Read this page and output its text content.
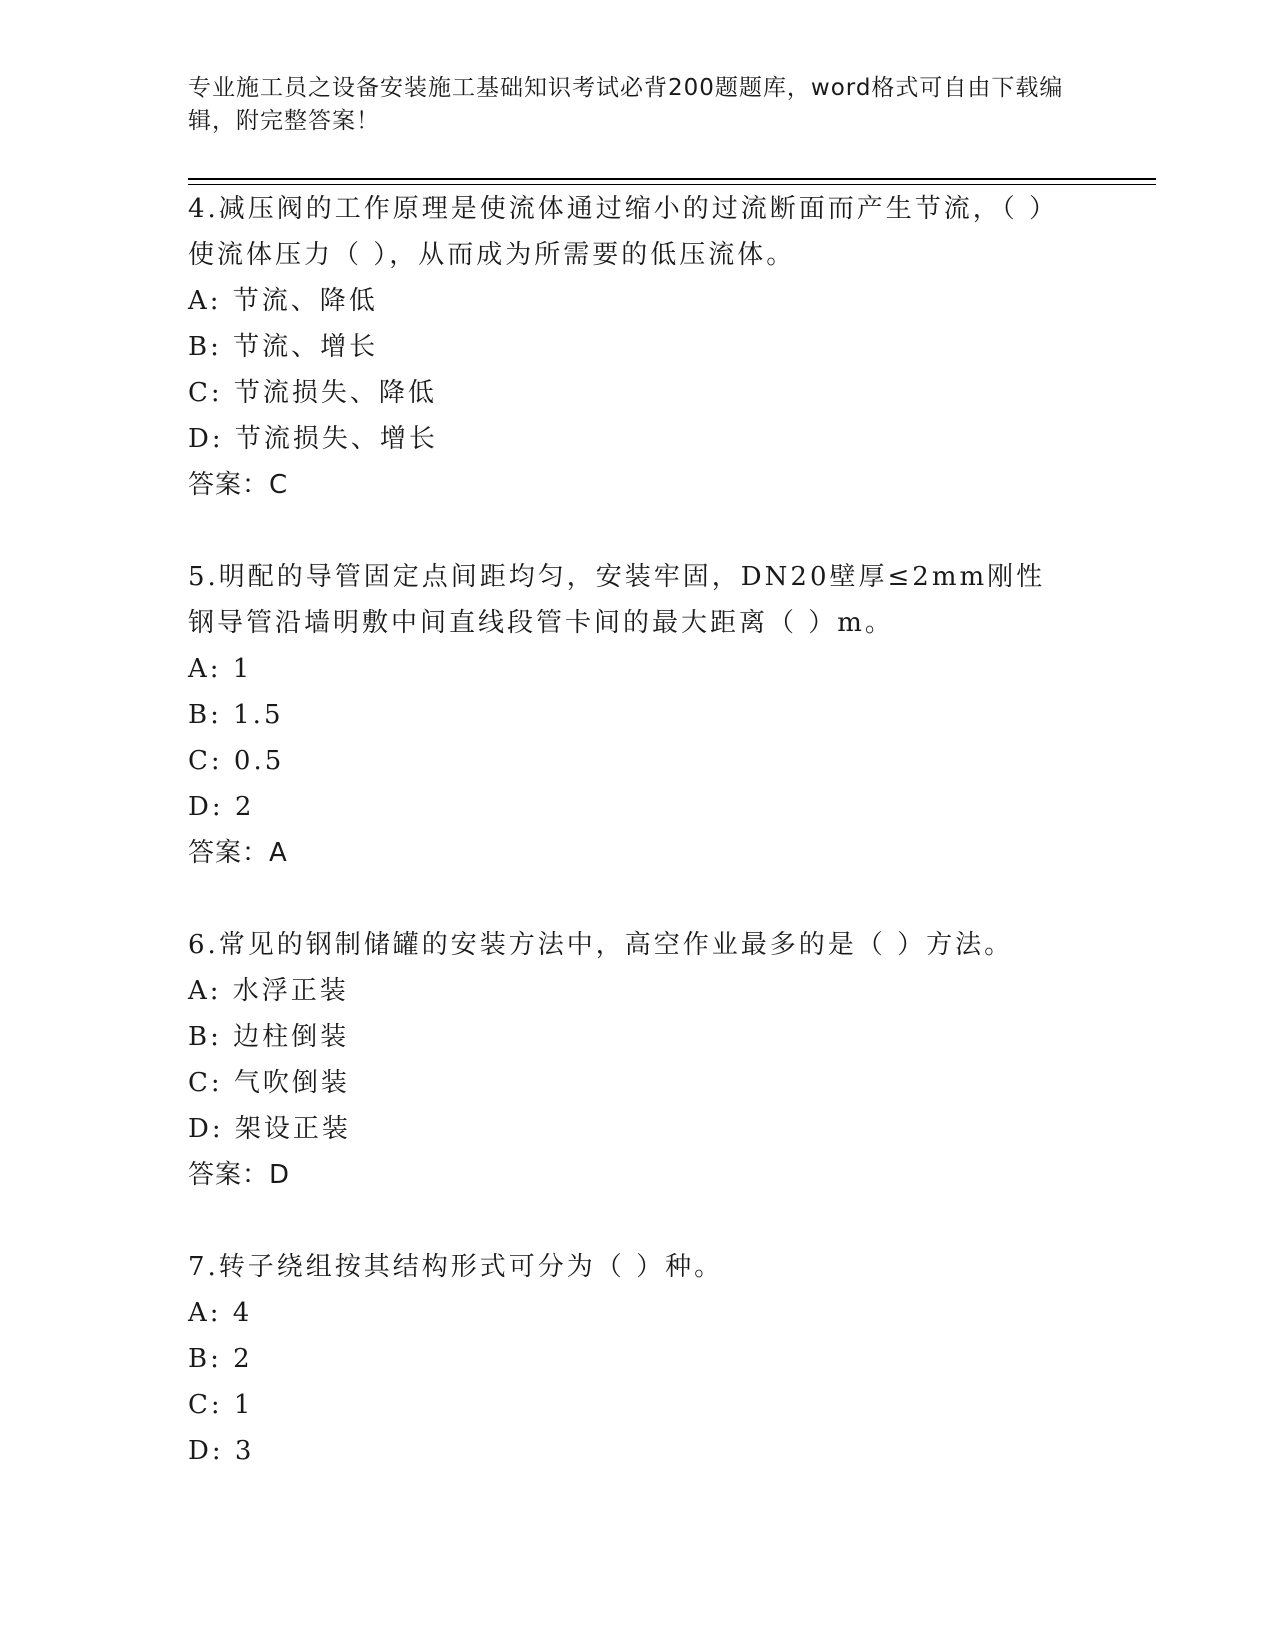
专业施工员之设备安装施工基础知识考试必背200题题库，word格式可自由下载编辑，附完整答案！
4.减压阀的工作原理是使流体通过缩小的过流断面而产生节流，（ ）使流体压力（ ），从而成为所需要的低压流体。
A: 节流、降低
B: 节流、增长
C: 节流损失、降低
D: 节流损失、增长
答案：C
5.明配的导管固定点间距均匀，安装牢固，DN20壁厚≤2mm刚性钢导管沿墙明敷中间直线段管卡间的最大距离（ ）m。
A: 1
B: 1.5
C: 0.5
D: 2
答案：A
6.常见的钢制储罐的安装方法中，高空作业最多的是（ ）方法。
A: 水浮正装
B: 边柱倒装
C: 气吹倒装
D: 架设正装
答案：D
7.转子绕组按其结构形式可分为（ ）种。
A: 4
B: 2
C: 1
D: 3
